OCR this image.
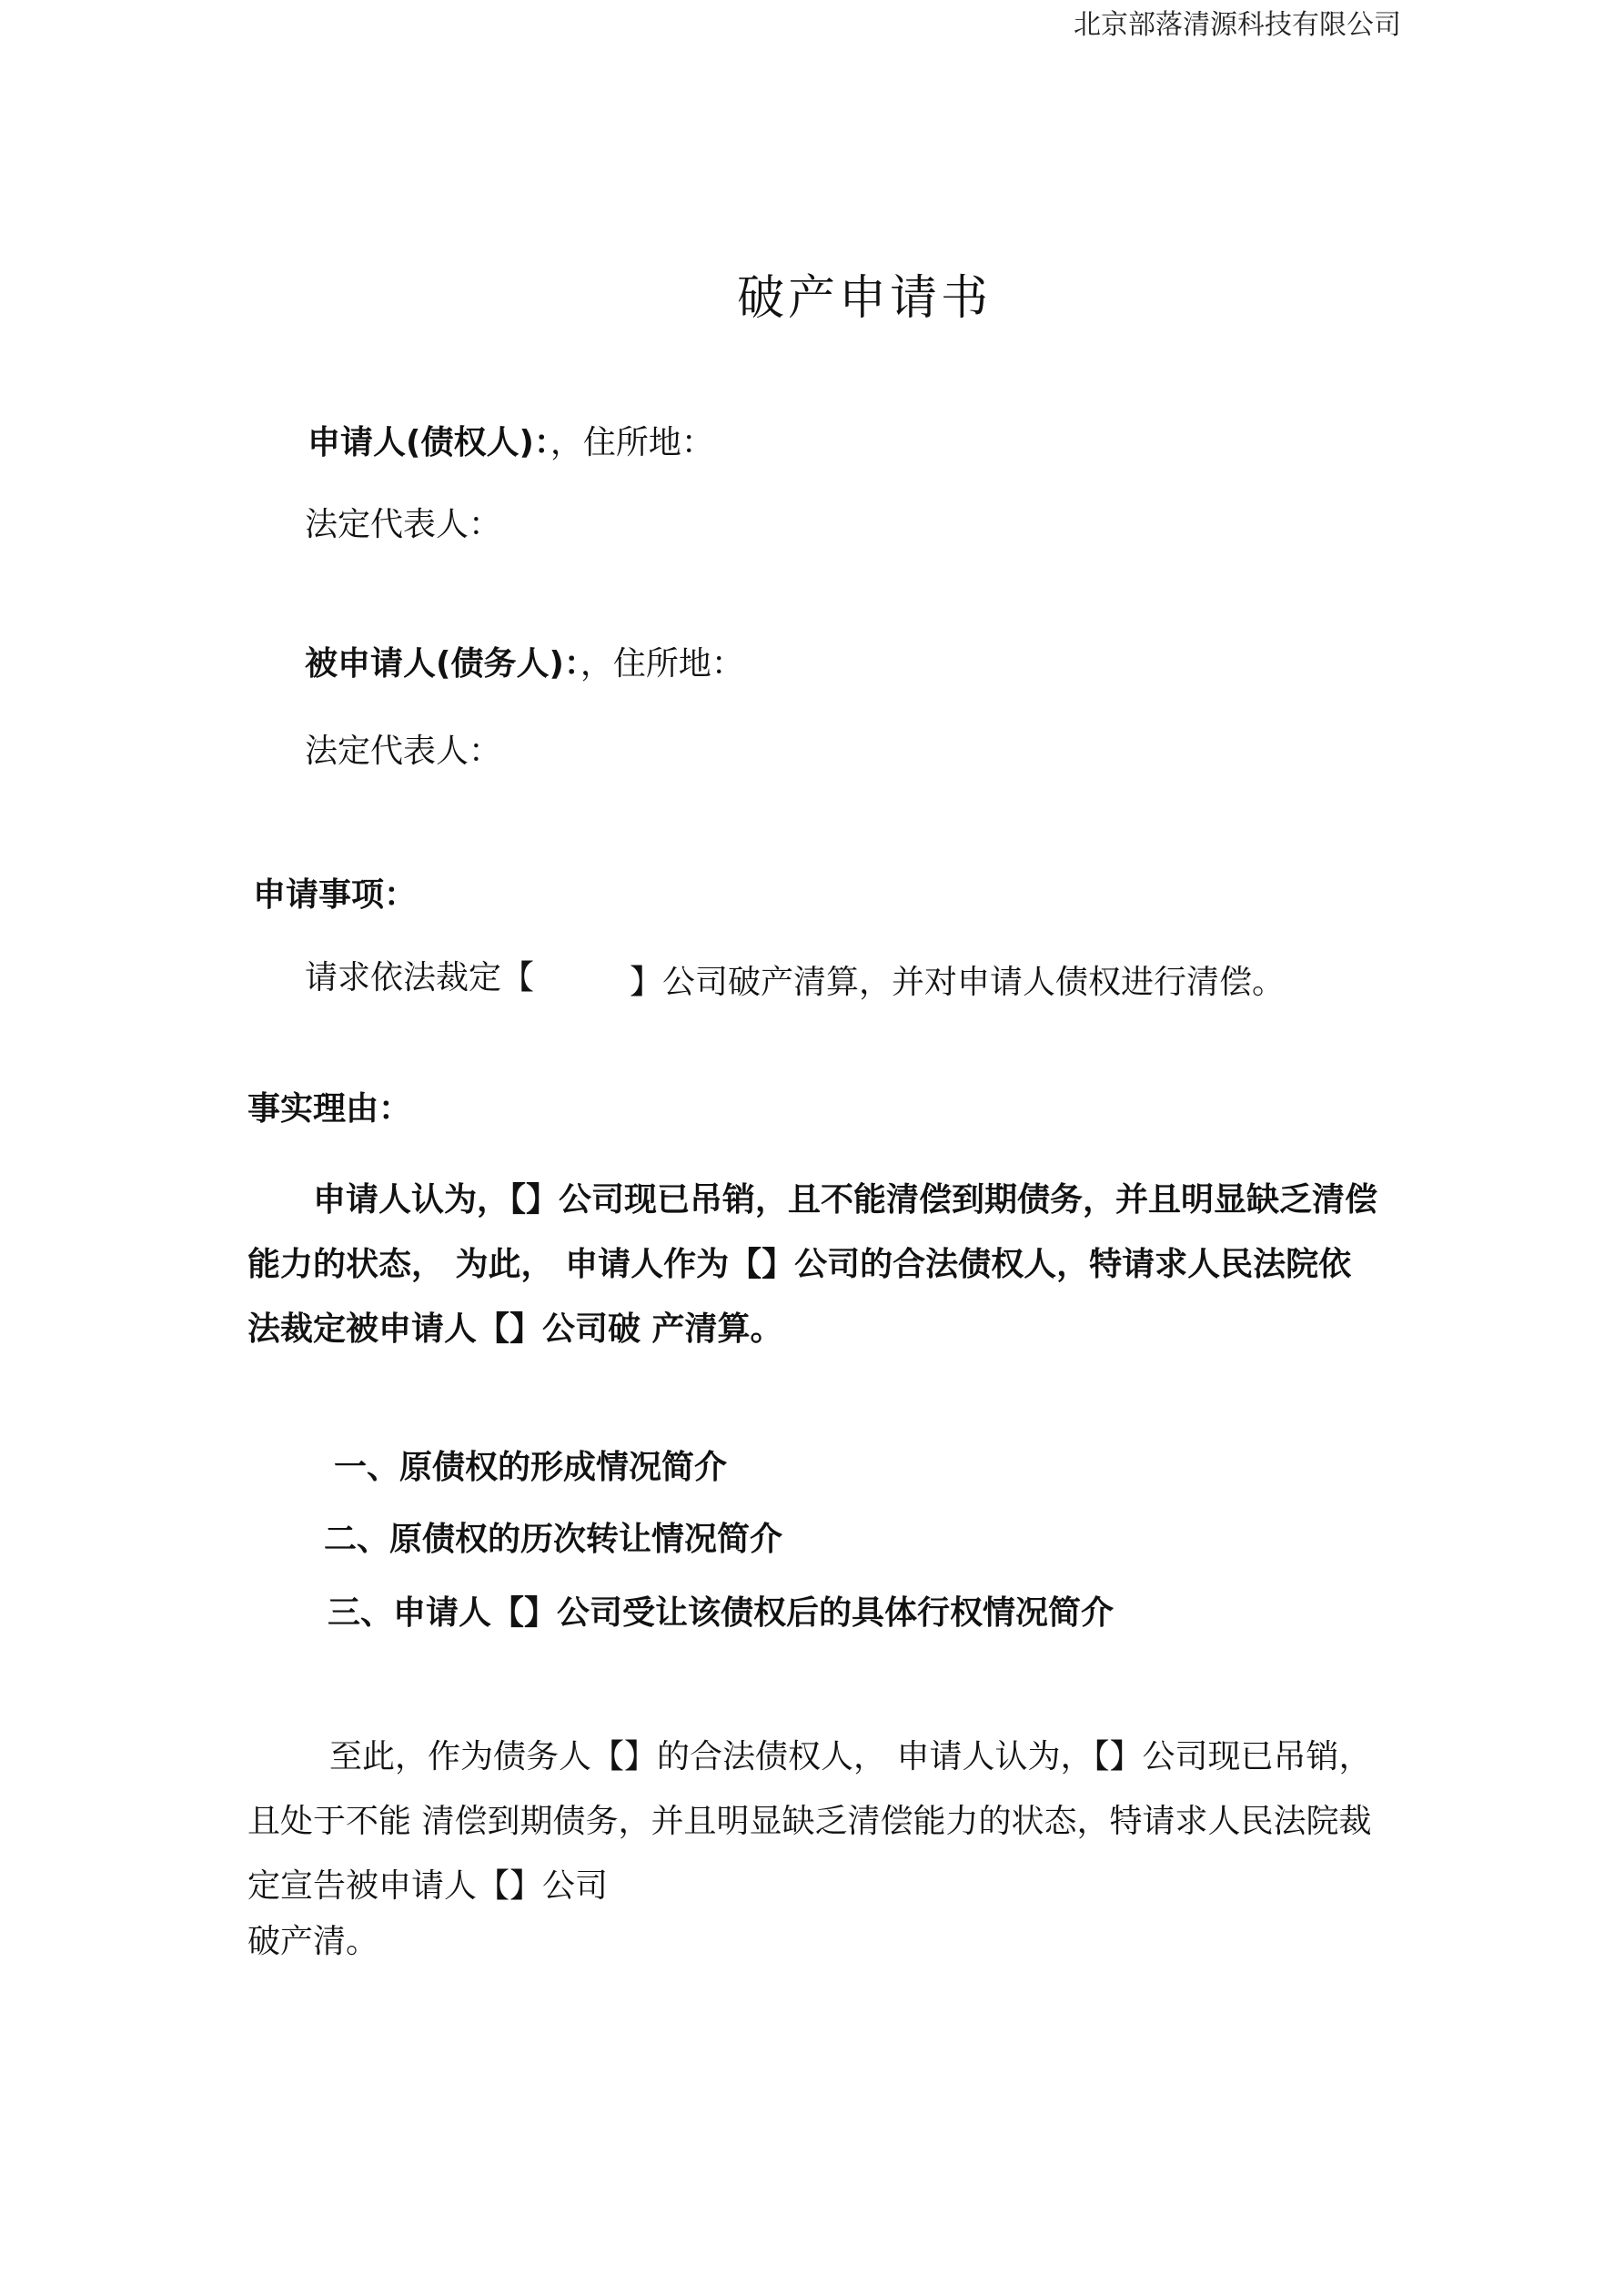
北京部落清源科技有限公司
破产申请书
申请人(债权人)：，住所地：
法定代表人：
被申请人(债务人)：，住所地：
法定代表人：
申请事项：
请求依法裁定【	】公司破产清算，并对申请人债权进行清偿。
事实理由：
申请人认为，【】公司现已吊销，且不能清偿到期债务，并且明显缺乏清偿能力的状态， 为此， 申请人作为【】公司的合法债权人，特请求人民法院依法裁定被申请人【】公司破 产清算。
一、原债权的形成情况简介
二、原债权的历次转让情况简介
三、申请人【】公司受让该债权后的具体行权情况简介
至此，作为债务人【】的合法债权人， 申请人认为，【】公司现已吊销，且处于不能 清偿到期债务，并且明显缺乏清偿能力的状态，特请求人民法院裁定宣告被申请人【】公司
破产清。
